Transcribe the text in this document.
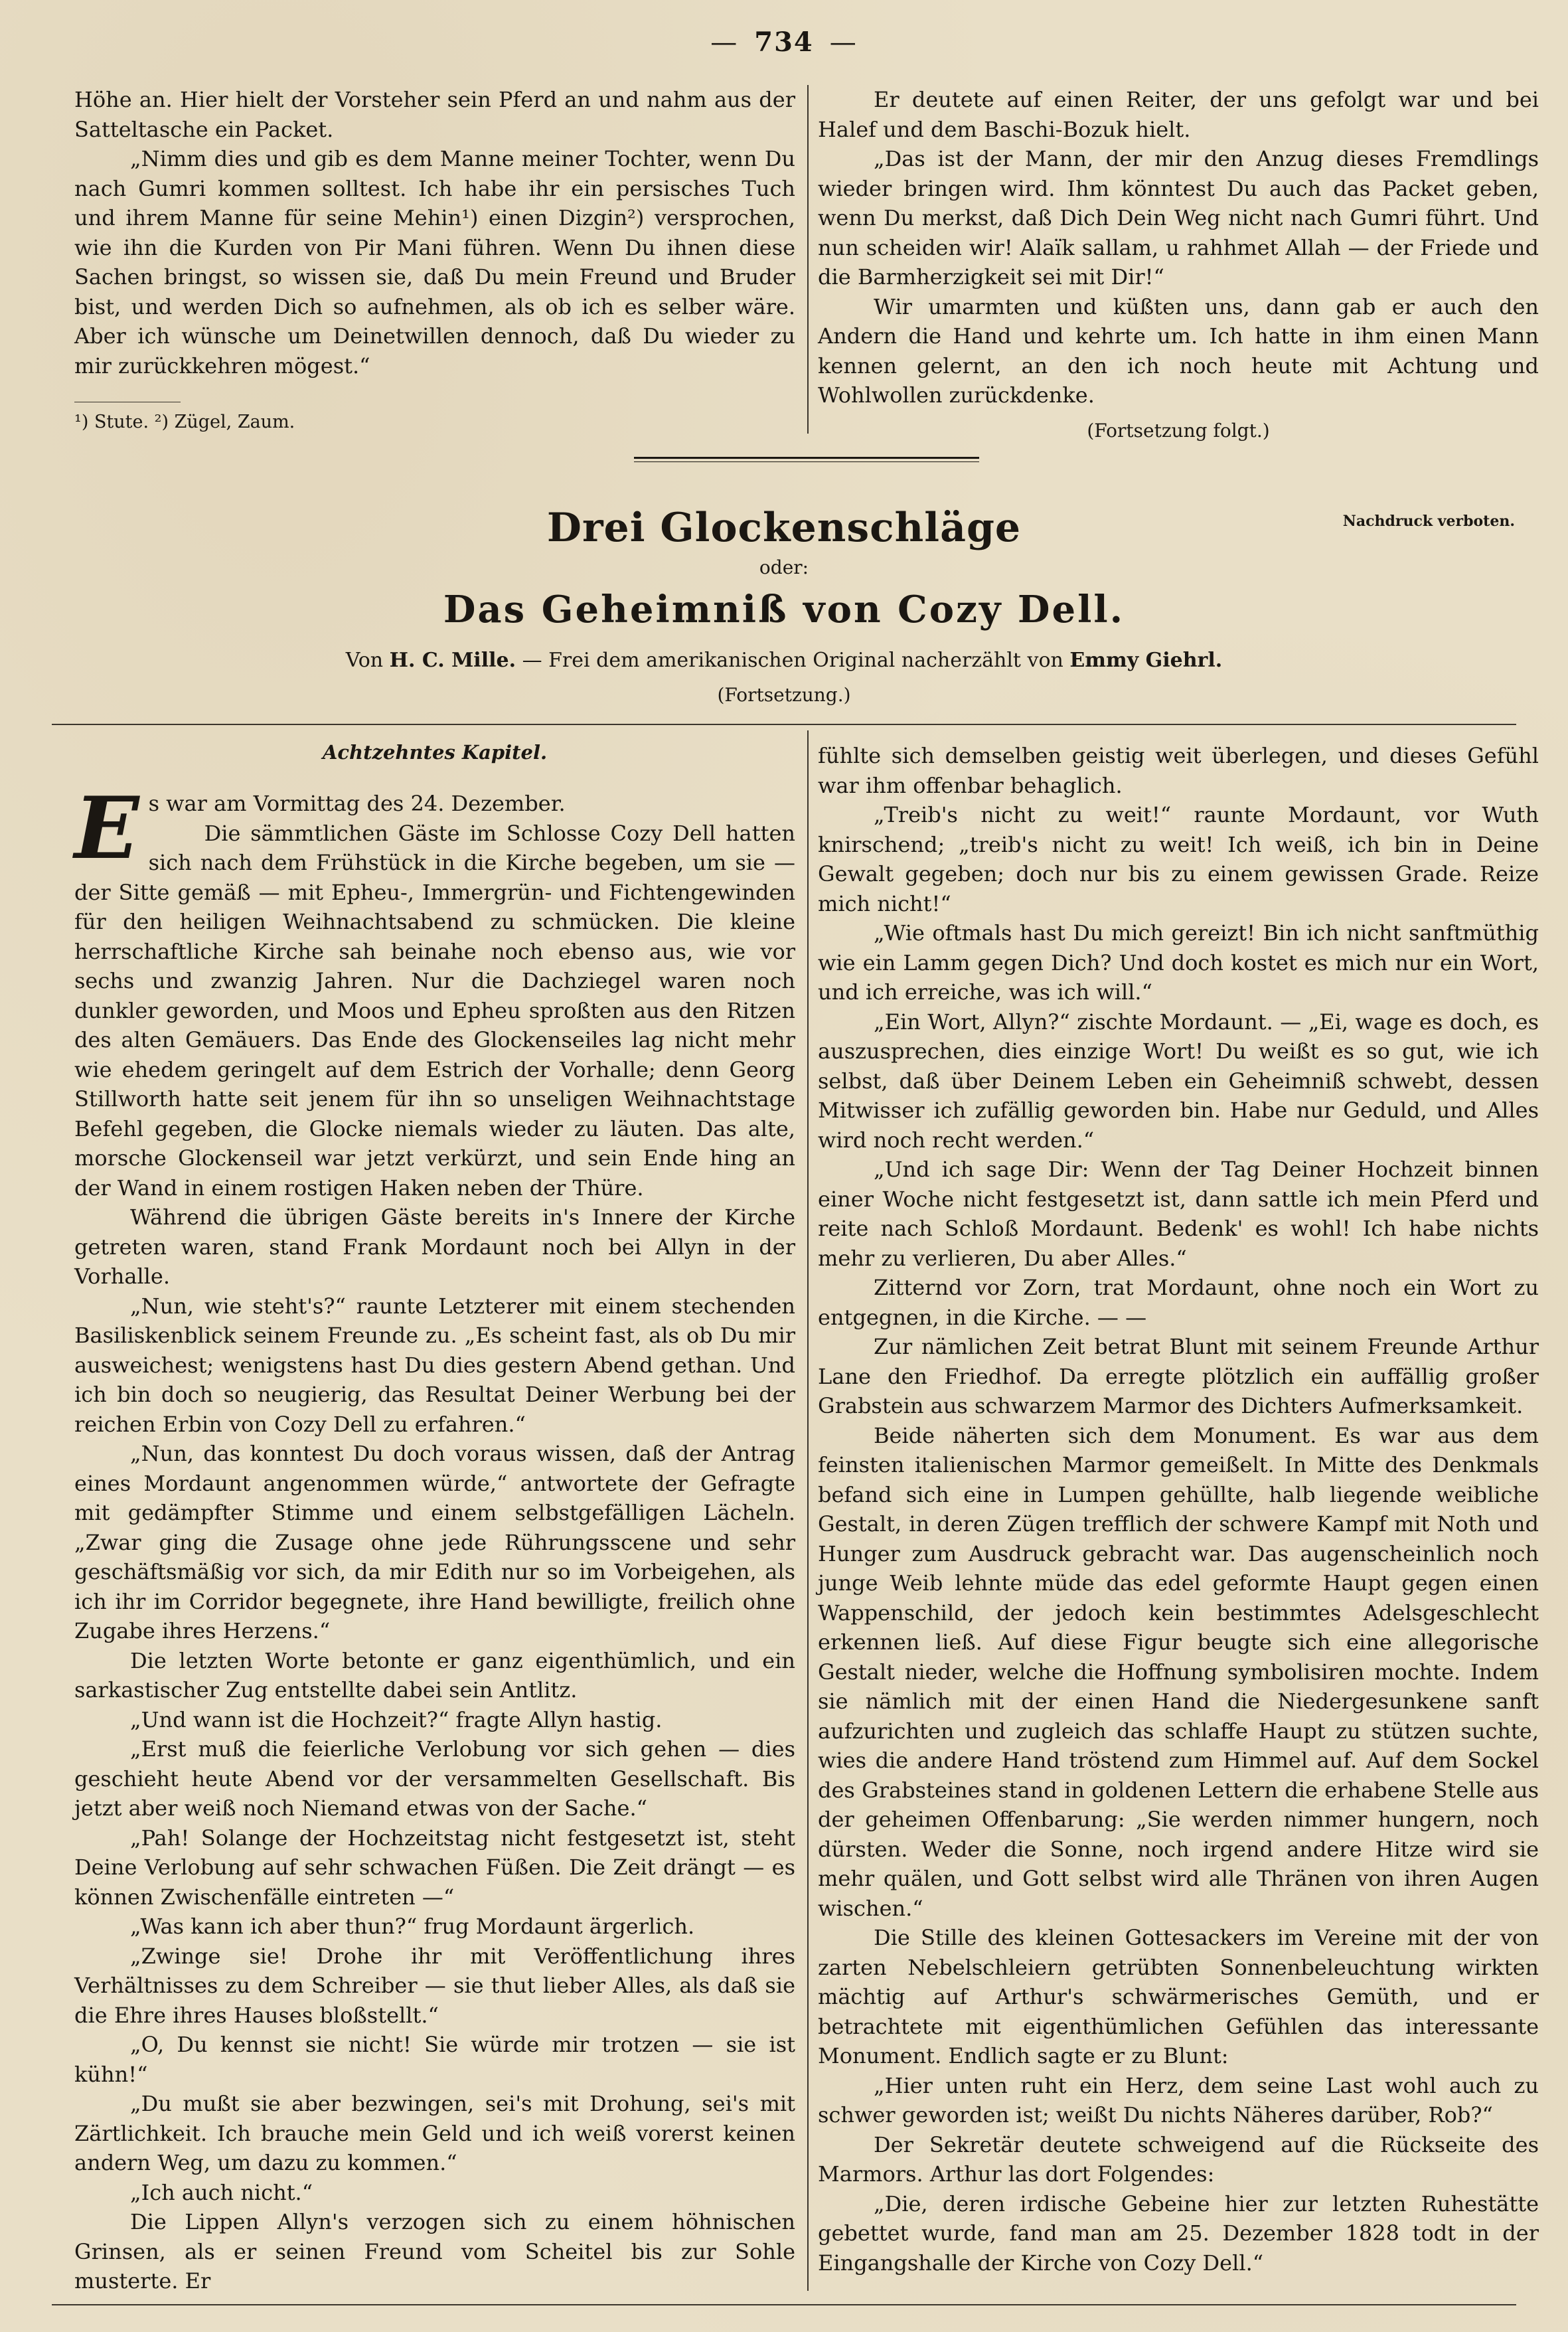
— 734 —

Höhe an. Hier hielt der Vorsteher sein Pferd an und nahm aus der Satteltasche ein Packet.

„Nimm dies und gib es dem Manne meiner Tochter, wenn Du nach Gumri kommen solltest. Ich habe ihr ein persisches Tuch und ihrem Manne für seine Mehin¹) einen Dizgin²) versprochen, wie ihn die Kurden von Pir Mani führen. Wenn Du ihnen diese Sachen bringst, so wissen sie, daß Du mein Freund und Bruder bist, und werden Dich so aufnehmen, als ob ich es selber wäre. Aber ich wünsche um Deinetwillen dennoch, daß Du wieder zu mir zurückkehren mögest.“

¹) Stute. ²) Zügel, Zaum.

Er deutete auf einen Reiter, der uns gefolgt war und bei Halef und dem Baschi-Bozuk hielt.

„Das ist der Mann, der mir den Anzug dieses Fremdlings wieder bringen wird. Ihm könntest Du auch das Packet geben, wenn Du merkst, daß Dich Dein Weg nicht nach Gumri führt. Und nun scheiden wir! Alaïk sallam, u rahhmet Allah — der Friede und die Barmherzigkeit sei mit Dir!“

Wir umarmten und küßten uns, dann gab er auch den Andern die Hand und kehrte um. Ich hatte in ihm einen Mann kennen gelernt, an den ich noch heute mit Achtung und Wohlwollen zurückdenke.

(Fortsetzung folgt.)
Nachdruck verboten.
Drei Glockenschläge
oder:
Das Geheimniß von Cozy Dell.
Von H. C. Mille. — Frei dem amerikanischen Original nacherzählt von Emmy Giehrl.
(Fortsetzung.)
Achtzehntes Kapitel.

E s war am Vormittag des 24. Dezember.

Die sämmtlichen Gäste im Schlosse Cozy Dell hatten sich nach dem Frühstück in die Kirche begeben, um sie — der Sitte gemäß — mit Epheu-, Immergrün- und Fichtengewinden für den heiligen Weihnachtsabend zu schmücken. Die kleine herrschaftliche Kirche sah beinahe noch ebenso aus, wie vor sechs und zwanzig Jahren. Nur die Dachziegel waren noch dunkler geworden, und Moos und Epheu sproßten aus den Ritzen des alten Gemäuers. Das Ende des Glockenseiles lag nicht mehr wie ehedem geringelt auf dem Estrich der Vorhalle; denn Georg Stillworth hatte seit jenem für ihn so unseligen Weihnachtstage Befehl gegeben, die Glocke niemals wieder zu läuten. Das alte, morsche Glockenseil war jetzt verkürzt, und sein Ende hing an der Wand in einem rostigen Haken neben der Thüre.

Während die übrigen Gäste bereits in's Innere der Kirche getreten waren, stand Frank Mordaunt noch bei Allyn in der Vorhalle.

„Nun, wie steht's?“ raunte Letzterer mit einem stechenden Basiliskenblick seinem Freunde zu. „Es scheint fast, als ob Du mir ausweichest; wenigstens hast Du dies gestern Abend gethan. Und ich bin doch so neugierig, das Resultat Deiner Werbung bei der reichen Erbin von Cozy Dell zu erfahren.“

„Nun, das konntest Du doch voraus wissen, daß der Antrag eines Mordaunt angenommen würde,“ antwortete der Gefragte mit gedämpfter Stimme und einem selbstgefälligen Lächeln. „Zwar ging die Zusage ohne jede Rührungsscene und sehr geschäftsmäßig vor sich, da mir Edith nur so im Vorbeigehen, als ich ihr im Corridor begegnete, ihre Hand bewilligte, freilich ohne Zugabe ihres Herzens.“

Die letzten Worte betonte er ganz eigenthümlich, und ein sarkastischer Zug entstellte dabei sein Antlitz.

„Und wann ist die Hochzeit?“ fragte Allyn hastig.

„Erst muß die feierliche Verlobung vor sich gehen — dies geschieht heute Abend vor der versammelten Gesellschaft. Bis jetzt aber weiß noch Niemand etwas von der Sache.“

„Pah! Solange der Hochzeitstag nicht festgesetzt ist, steht Deine Verlobung auf sehr schwachen Füßen. Die Zeit drängt — es können Zwischenfälle eintreten —“

„Was kann ich aber thun?“ frug Mordaunt ärgerlich.

„Zwinge sie! Drohe ihr mit Veröffentlichung ihres Verhältnisses zu dem Schreiber — sie thut lieber Alles, als daß sie die Ehre ihres Hauses bloßstellt.“

„O, Du kennst sie nicht! Sie würde mir trotzen — sie ist kühn!“

„Du mußt sie aber bezwingen, sei's mit Drohung, sei's mit Zärtlichkeit. Ich brauche mein Geld und ich weiß vorerst keinen andern Weg, um dazu zu kommen.“

„Ich auch nicht.“

Die Lippen Allyn's verzogen sich zu einem höhnischen Grinsen, als er seinen Freund vom Scheitel bis zur Sohle musterte. Er

fühlte sich demselben geistig weit überlegen, und dieses Gefühl war ihm offenbar behaglich.

„Treib's nicht zu weit!“ raunte Mordaunt, vor Wuth knirschend; „treib's nicht zu weit! Ich weiß, ich bin in Deine Gewalt gegeben; doch nur bis zu einem gewissen Grade. Reize mich nicht!“

„Wie oftmals hast Du mich gereizt! Bin ich nicht sanftmüthig wie ein Lamm gegen Dich? Und doch kostet es mich nur ein Wort, und ich erreiche, was ich will.“

„Ein Wort, Allyn?“ zischte Mordaunt. — „Ei, wage es doch, es auszusprechen, dies einzige Wort! Du weißt es so gut, wie ich selbst, daß über Deinem Leben ein Geheimniß schwebt, dessen Mitwisser ich zufällig geworden bin. Habe nur Geduld, und Alles wird noch recht werden.“

„Und ich sage Dir: Wenn der Tag Deiner Hochzeit binnen einer Woche nicht festgesetzt ist, dann sattle ich mein Pferd und reite nach Schloß Mordaunt. Bedenk' es wohl! Ich habe nichts mehr zu verlieren, Du aber Alles.“

Zitternd vor Zorn, trat Mordaunt, ohne noch ein Wort zu entgegnen, in die Kirche. — —

Zur nämlichen Zeit betrat Blunt mit seinem Freunde Arthur Lane den Friedhof. Da erregte plötzlich ein auffällig großer Grabstein aus schwarzem Marmor des Dichters Aufmerksamkeit.

Beide näherten sich dem Monument. Es war aus dem feinsten italienischen Marmor gemeißelt. In Mitte des Denkmals befand sich eine in Lumpen gehüllte, halb liegende weibliche Gestalt, in deren Zügen trefflich der schwere Kampf mit Noth und Hunger zum Ausdruck gebracht war. Das augenscheinlich noch junge Weib lehnte müde das edel geformte Haupt gegen einen Wappenschild, der jedoch kein bestimmtes Adelsgeschlecht erkennen ließ. Auf diese Figur beugte sich eine allegorische Gestalt nieder, welche die Hoffnung symbolisiren mochte. Indem sie nämlich mit der einen Hand die Niedergesunkene sanft aufzurichten und zugleich das schlaffe Haupt zu stützen suchte, wies die andere Hand tröstend zum Himmel auf. Auf dem Sockel des Grabsteines stand in goldenen Lettern die erhabene Stelle aus der geheimen Offenbarung: „Sie werden nimmer hungern, noch dürsten. Weder die Sonne, noch irgend andere Hitze wird sie mehr quälen, und Gott selbst wird alle Thränen von ihren Augen wischen.“

Die Stille des kleinen Gottesackers im Vereine mit der von zarten Nebelschleiern getrübten Sonnenbeleuchtung wirkten mächtig auf Arthur's schwärmerisches Gemüth, und er betrachtete mit eigenthümlichen Gefühlen das interessante Monument. Endlich sagte er zu Blunt:

„Hier unten ruht ein Herz, dem seine Last wohl auch zu schwer geworden ist; weißt Du nichts Näheres darüber, Rob?“

Der Sekretär deutete schweigend auf die Rückseite des Marmors. Arthur las dort Folgendes:

„Die, deren irdische Gebeine hier zur letzten Ruhestätte gebettet wurde, fand man am 25. Dezember 1828 todt in der Eingangshalle der Kirche von Cozy Dell.“
